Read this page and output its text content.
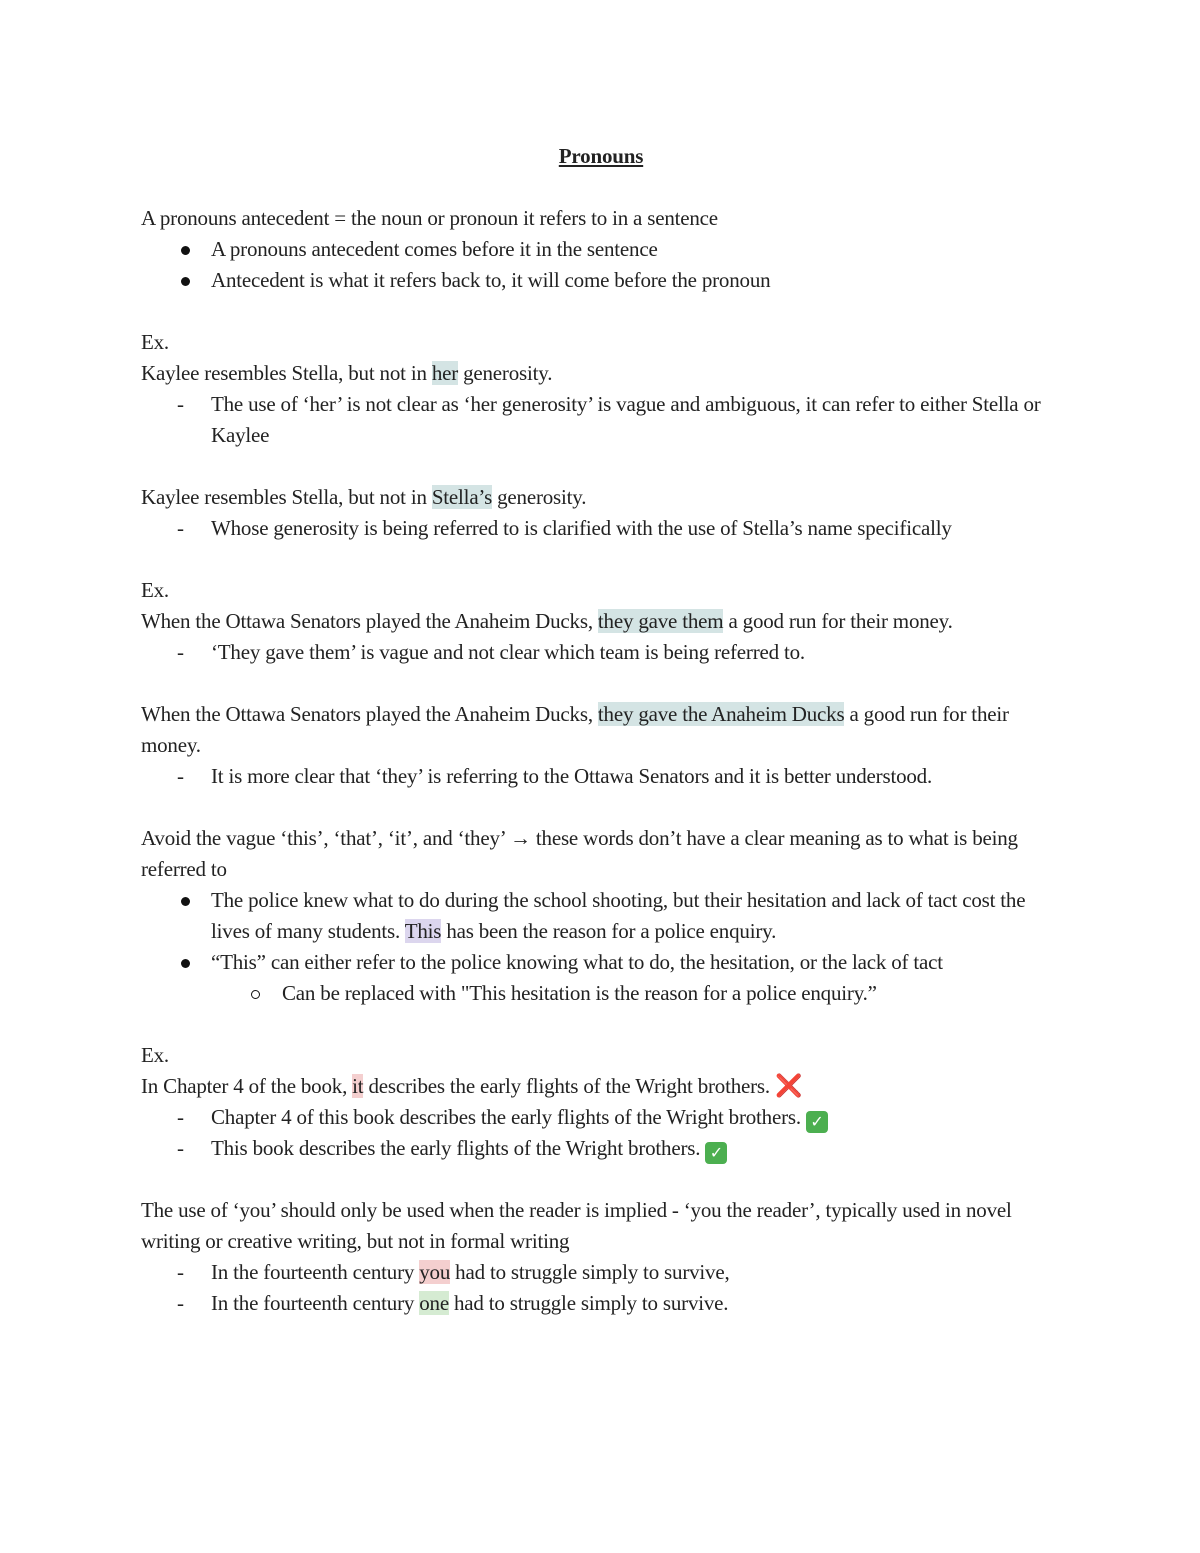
Pronouns

A pronouns antecedent = the noun or pronoun it refers to in a sentence

A pronouns antecedent comes before it in the sentence
Antecedent is what it refers back to, it will come before the pronoun

Ex.

Kaylee resembles Stella, but not in her generosity.

- The use of ‘her’ is not clear as ‘her generosity’ is vague and ambiguous, it can refer to either Stella or Kaylee

Kaylee resembles Stella, but not in Stella’s generosity.

- Whose generosity is being referred to is clarified with the use of Stella’s name specifically

Ex.

When the Ottawa Senators played the Anaheim Ducks, they gave them a good run for their money.

- ‘They gave them’ is vague and not clear which team is being referred to.

When the Ottawa Senators played the Anaheim Ducks, they gave the Anaheim Ducks a good run for their money.

- It is more clear that ‘they’ is referring to the Ottawa Senators and it is better understood.

Avoid the vague ‘this’, ‘that’, ‘it’, and ‘they’ → these words don’t have a clear meaning as to what is being referred to

The police knew what to do during the school shooting, but their hesitation and lack of tact cost the lives of many students. This has been the reason for a police enquiry.
“This” can either refer to the police knowing what to do, the hesitation, or the lack of tact
Can be replaced with "This hesitation is the reason for a police enquiry.”

Ex.

In Chapter 4 of the book, it describes the early flights of the Wright brothers. ❌

- Chapter 4 of this book describes the early flights of the Wright brothers. ✓
- This book describes the early flights of the Wright brothers. ✓

The use of ‘you’ should only be used when the reader is implied - ‘you the reader’, typically used in novel writing or creative writing, but not in formal writing

- In the fourteenth century you had to struggle simply to survive,
- In the fourteenth century one had to struggle simply to survive.
